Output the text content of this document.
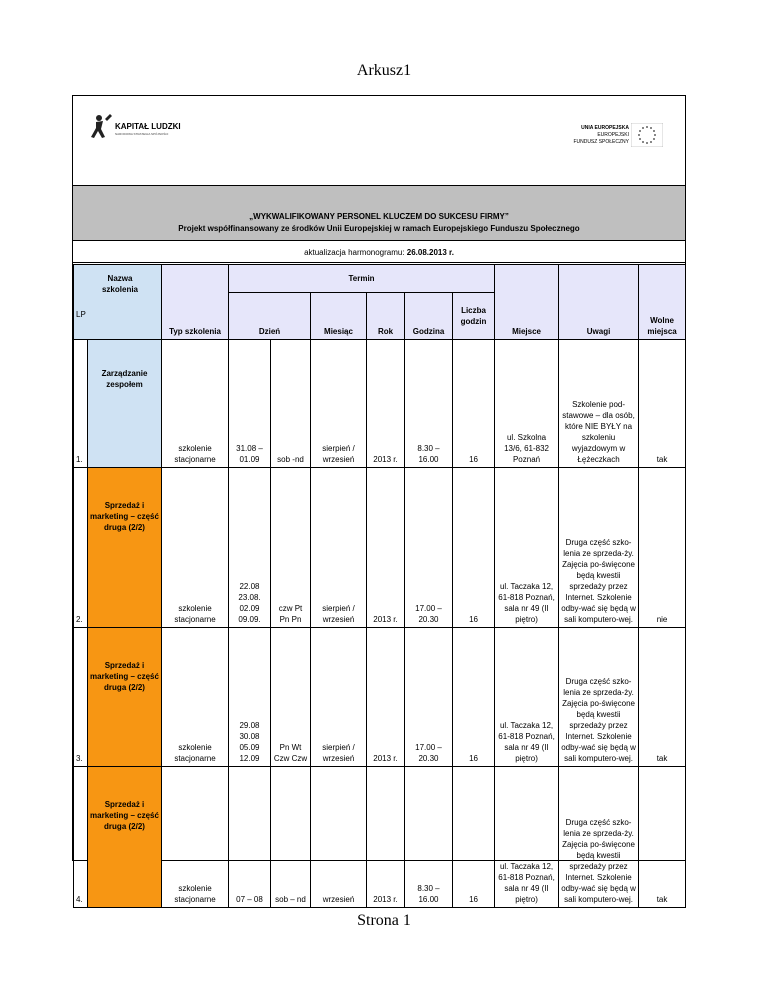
Arkusz1
KAPITAŁ LUDZKI
NARODOWA STRATEGIA SPÓJNOŚCI
UNIA EUROPEJSKA
EUROPEJSKI
FUNDUSZ SPOŁECZNY
„WYKWALIFIKOWANY PERSONEL KLUCZEM DO SUKCESU FIRMY”
Projekt współfinansowany ze środków Unii Europejskiej w ramach Europejskiego Funduszu Społecznego
aktualizacja harmonogramu: 26.08.2013 r.
Nazwa szkolenia
LP		Typ szkolenia	Termin						Miejsce	Uwagi	Wolne miejsca
			Dzień		Miesiąc	Rok	Godzina	Liczba godzin			
1.	Zarządzanie zespołem	szkolenie stacjonarne	31.08 – 01.09	sob -nd	sierpień / wrzesień	2013 r.	8.30 – 16.00	16	ul. Szkolna 13/6, 61-832 Poznań	Szkolenie pod-stawowe – dla osób, które NIE BYŁY na szkoleniu wyjazdowym w Łężeczkach	tak
2.	Sprzedaż i marketing – część druga (2/2)	szkolenie stacjonarne	22.08 23.08. 02.09 09.09.	czw Pt Pn Pn	sierpień / wrzesień	2013 r.	17.00 – 20.30	16	ul. Taczaka 12, 61-818 Poznań, sala nr 49 (II piętro)	Druga część szko-lenia ze sprzeda-ży. Zajęcia po-święcone będą kwestii sprzedaży przez Internet. Szkolenie odby-wać się będą w sali komputero-wej.	nie
3.	Sprzedaż i marketing – część druga (2/2)	szkolenie stacjonarne	29.08 30.08 05.09 12.09	Pn Wt Czw Czw	sierpień / wrzesień	2013 r.	17.00 – 20.30	16	ul. Taczaka 12, 61-818 Poznań, sala nr 49 (II piętro)	Druga część szko-lenia ze sprzeda-ży. Zajęcia po-święcone będą kwestii sprzedaży przez Internet. Szkolenie odby-wać się będą w sali komputero-wej.	tak
4.	Sprzedaż i marketing – część druga (2/2)	szkolenie stacjonarne	07 – 08	sob – nd	wrzesień	2013 r.	8.30 – 16.00	16	ul. Taczaka 12, 61-818 Poznań, sala nr 49 (II piętro)	Druga część szko-lenia ze sprzeda-ży. Zajęcia po-święcone będą kwestii sprzedaży przez Internet. Szkolenie odby-wać się będą w sali komputero-wej.	tak
Strona 1
